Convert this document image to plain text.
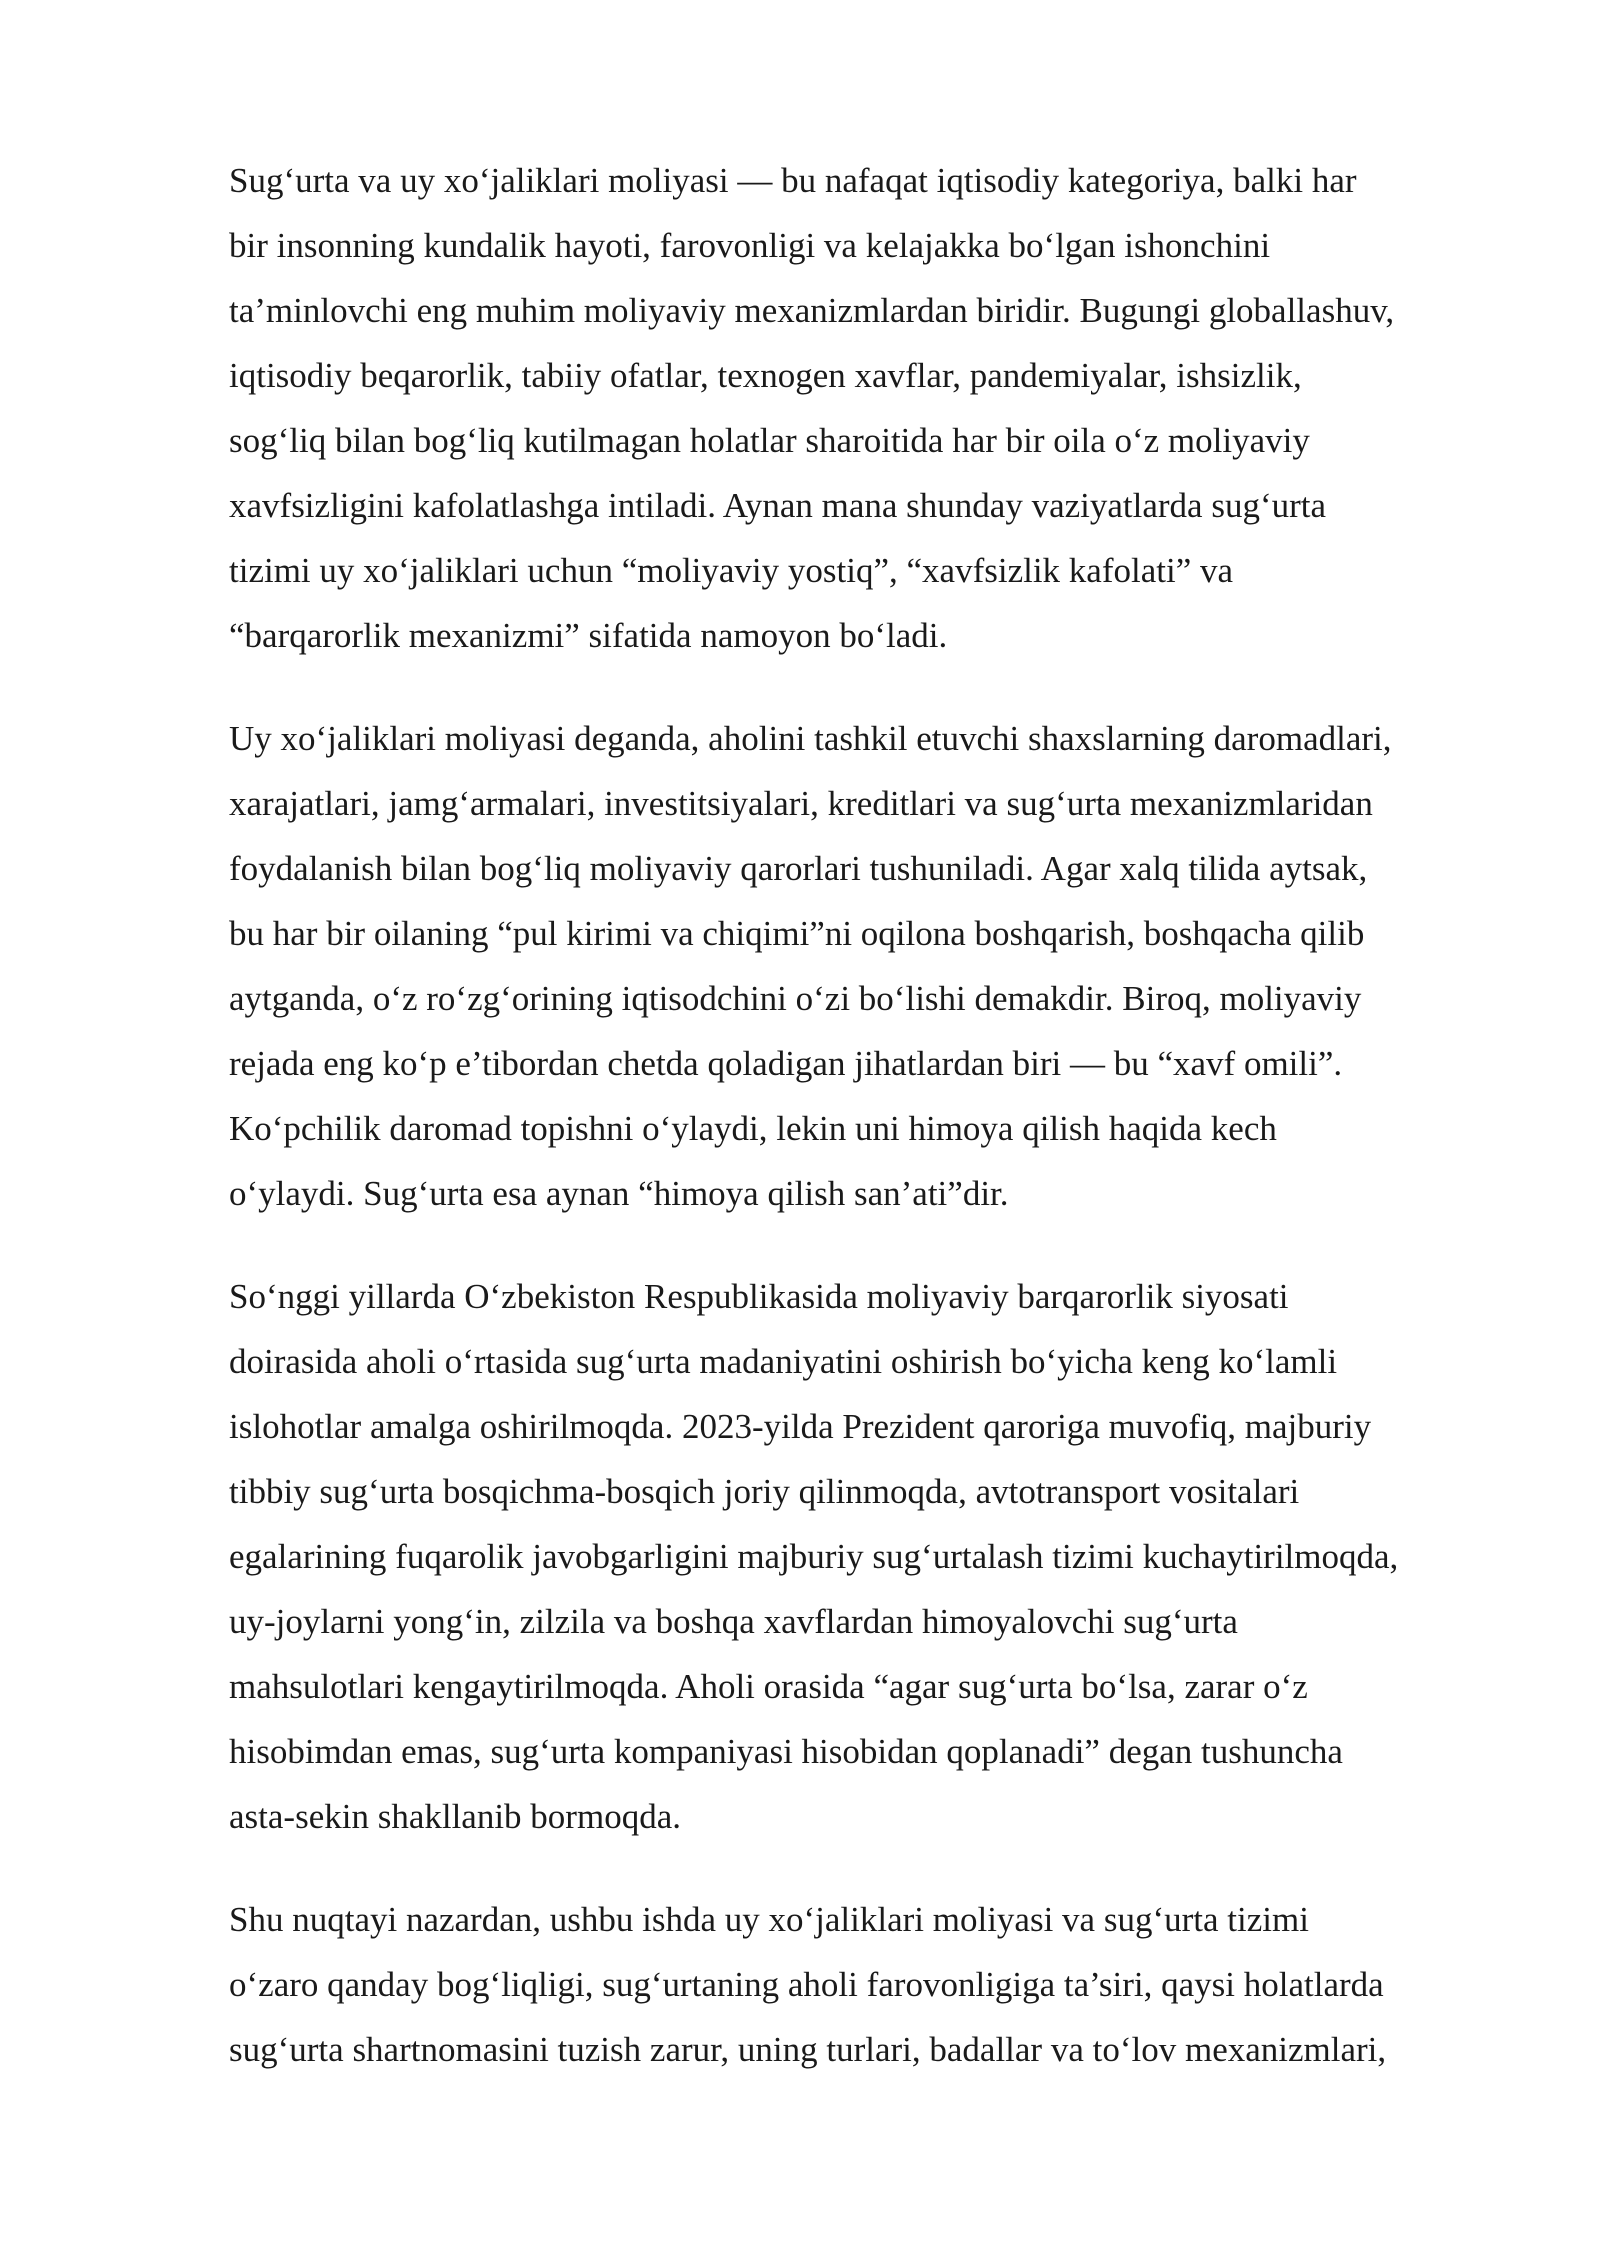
Sug‘urta va uy xo‘jaliklari moliyasi — bu nafaqat iqtisodiy kategoriya, balki har
bir insonning kundalik hayoti, farovonligi va kelajakka bo‘lgan ishonchini
ta’minlovchi eng muhim moliyaviy mexanizmlardan biridir. Bugungi globallashuv,
iqtisodiy beqarorlik, tabiiy ofatlar, texnogen xavflar, pandemiyalar, ishsizlik,
sog‘liq bilan bog‘liq kutilmagan holatlar sharoitida har bir oila o‘z moliyaviy
xavfsizligini kafolatlashga intiladi. Aynan mana shunday vaziyatlarda sug‘urta
tizimi uy xo‘jaliklari uchun “moliyaviy yostiq”, “xavfsizlik kafolati” va
“barqarorlik mexanizmi” sifatida namoyon bo‘ladi.

Uy xo‘jaliklari moliyasi deganda, aholini tashkil etuvchi shaxslarning daromadlari,
xarajatlari, jamg‘armalari, investitsiyalari, kreditlari va sug‘urta mexanizmlaridan
foydalanish bilan bog‘liq moliyaviy qarorlari tushuniladi. Agar xalq tilida aytsak,
bu har bir oilaning “pul kirimi va chiqimi”ni oqilona boshqarish, boshqacha qilib
aytganda, o‘z ro‘zg‘orining iqtisodchini o‘zi bo‘lishi demakdir. Biroq, moliyaviy
rejada eng ko‘p e’tibordan chetda qoladigan jihatlardan biri — bu “xavf omili”.
Ko‘pchilik daromad topishni o‘ylaydi, lekin uni himoya qilish haqida kech
o‘ylaydi. Sug‘urta esa aynan “himoya qilish san’ati”dir.

So‘nggi yillarda O‘zbekiston Respublikasida moliyaviy barqarorlik siyosati
doirasida aholi o‘rtasida sug‘urta madaniyatini oshirish bo‘yicha keng ko‘lamli
islohotlar amalga oshirilmoqda. 2023-yilda Prezident qaroriga muvofiq, majburiy
tibbiy sug‘urta bosqichma-bosqich joriy qilinmoqda, avtotransport vositalari
egalarining fuqarolik javobgarligini majburiy sug‘urtalash tizimi kuchaytirilmoqda,
uy-joylarni yong‘in, zilzila va boshqa xavflardan himoyalovchi sug‘urta
mahsulotlari kengaytirilmoqda. Aholi orasida “agar sug‘urta bo‘lsa, zarar o‘z
hisobimdan emas, sug‘urta kompaniyasi hisobidan qoplanadi” degan tushuncha
asta-sekin shakllanib bormoqda.

Shu nuqtayi nazardan, ushbu ishda uy xo‘jaliklari moliyasi va sug‘urta tizimi
o‘zaro qanday bog‘liqligi, sug‘urtaning aholi farovonligiga ta’siri, qaysi holatlarda
sug‘urta shartnomasini tuzish zarur, uning turlari, badallar va to‘lov mexanizmlari,
